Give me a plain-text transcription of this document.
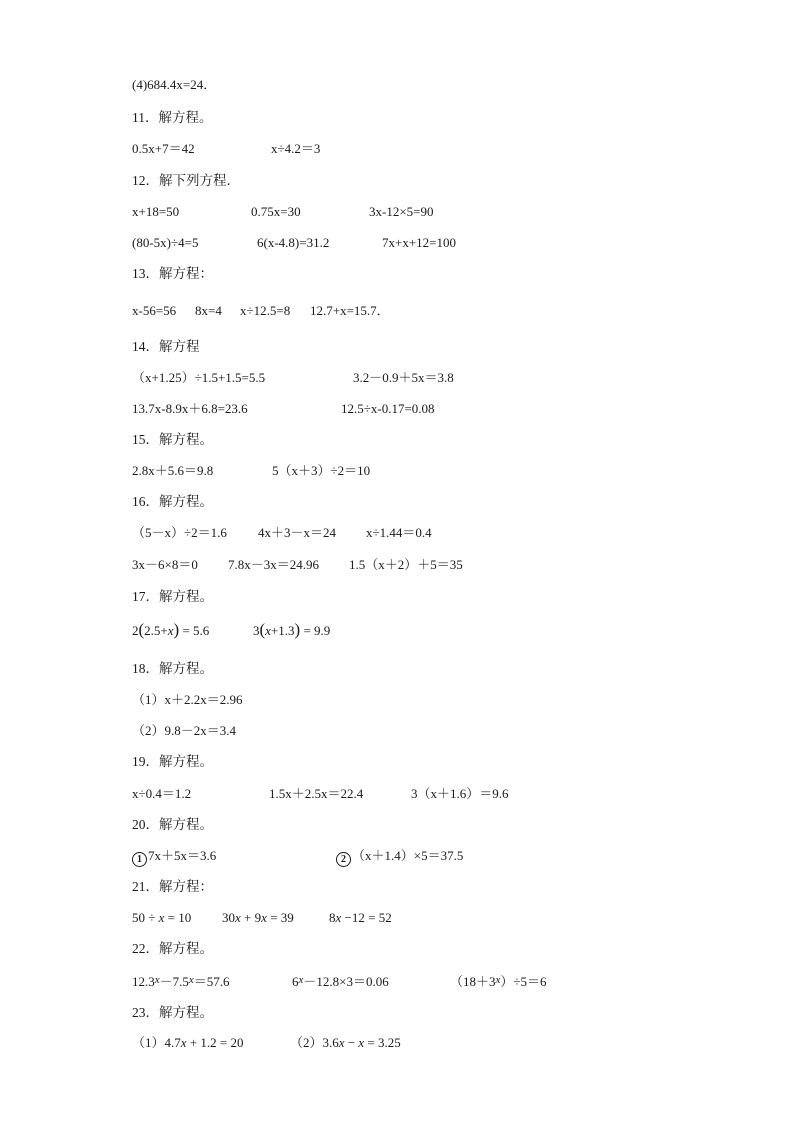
(4)684.4x=24．
11．解方程。
0.5x+7＝42	x÷4.2＝3
12．解下列方程．
x+18=50	0.75x=30	3x-12×5=90
(80-5x)÷4=5	6(x-4.8)=31.2	7x+x+12=100
13．解方程：
x-56=56 8x=4 x÷12.5=8 12.7+x=15.7．
14．解方程
（x+1.25）÷1.5+1.5=5.5	3.2－0.9＋5x＝3.8
13.7x-8.9x＋6.8=23.6	12.5÷x-0.17=0.08
15．解方程。
2.8x＋5.6＝9.8	5（x＋3）÷2＝10
16．解方程。
（5－x）÷2＝1.6 4x＋3－x＝24 x÷1.44＝0.4
3x－6×8＝0 7.8x－3x＝24.96 1.5（x＋2）＋5＝35
17．解方程。
2(2.5+x) = 5.6	3(x+1.3) = 9.9
18．解方程。
（1）x＋2.2x＝2.96
（2）9.8－2x＝3.4
19．解方程。
x÷0.4＝1.2	1.5x＋2.5x＝22.4	3（x＋1.6）＝9.6
20．解方程。
1 7x＋5x＝3.6	2 （x＋1.4）×5＝37.5
21．解方程：
50 ÷ x = 10 30x + 9x = 39	8x −12 = 52
22．解方程。
$12.3^x-7.5^x=57.6$	$6^x-12.8\times 3=0.06$	$(18+3^x)\div 5=6$
23．解方程。
（1）4.7x + 1.2 = 20	（2）3.6x − x = 3.25
